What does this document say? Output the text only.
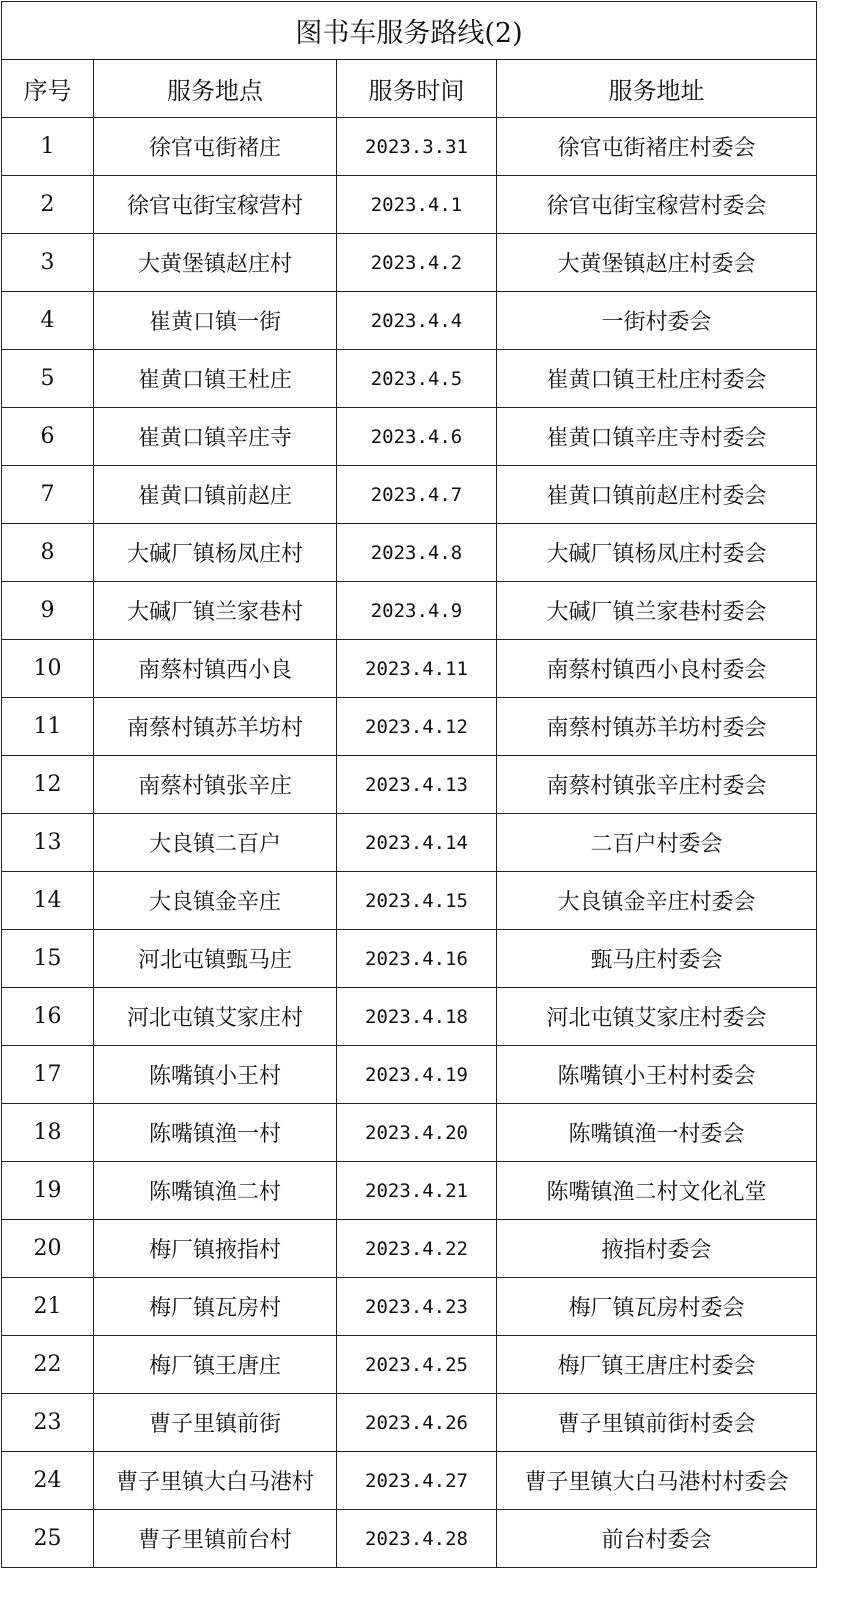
图书车服务路线(2)			
序号	服务地点	服务时间	服务地址
1	徐官屯街褚庄	2023.3.31	徐官屯街褚庄村委会
2	徐官屯街宝稼营村	2023.4.1	徐官屯街宝稼营村委会
3	大黄堡镇赵庄村	2023.4.2	大黄堡镇赵庄村委会
4	崔黄口镇一街	2023.4.4	一街村委会
5	崔黄口镇王杜庄	2023.4.5	崔黄口镇王杜庄村委会
6	崔黄口镇辛庄寺	2023.4.6	崔黄口镇辛庄寺村委会
7	崔黄口镇前赵庄	2023.4.7	崔黄口镇前赵庄村委会
8	大碱厂镇杨凤庄村	2023.4.8	大碱厂镇杨凤庄村委会
9	大碱厂镇兰家巷村	2023.4.9	大碱厂镇兰家巷村委会
10	南蔡村镇西小良	2023.4.11	南蔡村镇西小良村委会
11	南蔡村镇苏羊坊村	2023.4.12	南蔡村镇苏羊坊村委会
12	南蔡村镇张辛庄	2023.4.13	南蔡村镇张辛庄村委会
13	大良镇二百户	2023.4.14	二百户村委会
14	大良镇金辛庄	2023.4.15	大良镇金辛庄村委会
15	河北屯镇甄马庄	2023.4.16	甄马庄村委会
16	河北屯镇艾家庄村	2023.4.18	河北屯镇艾家庄村委会
17	陈嘴镇小王村	2023.4.19	陈嘴镇小王村村委会
18	陈嘴镇渔一村	2023.4.20	陈嘴镇渔一村委会
19	陈嘴镇渔二村	2023.4.21	陈嘴镇渔二村文化礼堂
20	梅厂镇掖指村	2023.4.22	掖指村委会
21	梅厂镇瓦房村	2023.4.23	梅厂镇瓦房村委会
22	梅厂镇王唐庄	2023.4.25	梅厂镇王唐庄村委会
23	曹子里镇前街	2023.4.26	曹子里镇前街村委会
24	曹子里镇大白马港村	2023.4.27	曹子里镇大白马港村村委会
25	曹子里镇前台村	2023.4.28	前台村委会
